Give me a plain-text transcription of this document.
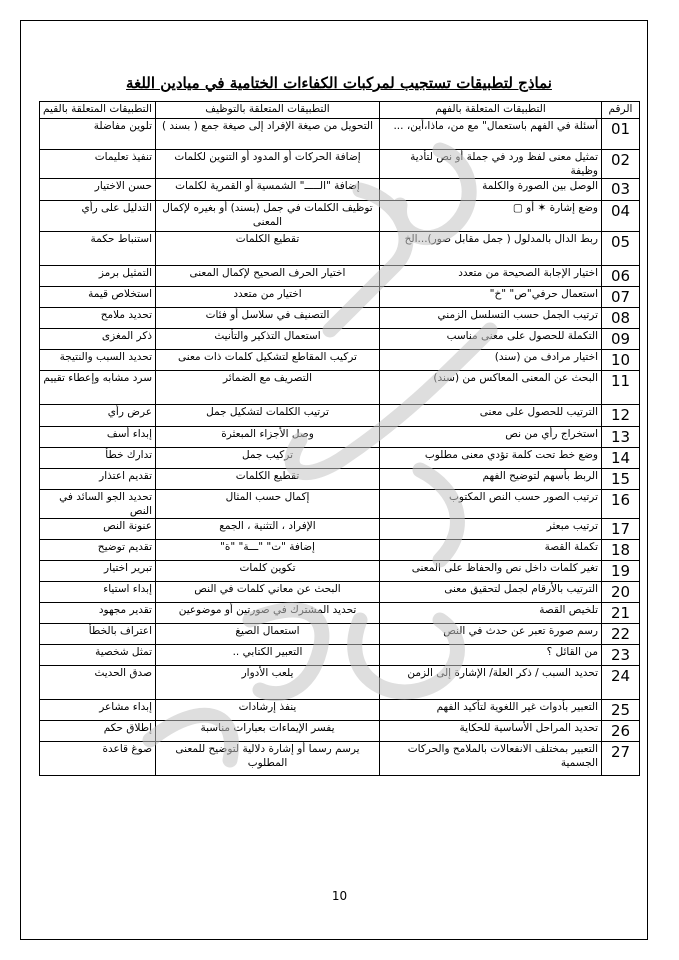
نماذج لتطبيقات تستجيب لمركبات الكفاءات الختامية في ميادين اللغة
الرقم	التطبيقات المتعلقة بالفهم	التطبيقات المتعلقة بالتوظيف	التطبيقات المتعلقة بالقيم
01	أسئلة في الفهم باستعمال" مع من، ماذا،أين، ...	التحويل من صيغة الإفراد إلى صيغة جمع ( بسند )	تلوين مفاضلة
02	تمثيل معنى لفظ ورد في جملة أو نص لتأدية وظيفة	إضافة الحركات أو المدود أو التنوين لكلمات	تنفيذ تعليمات
03	الوصل بين الصورة والكلمة	إضافة "الـــــ" الشمسية أو القمرية لكلمات	حسن الاختيار
04	وضع إشارة ✶ أو ▢	توظيف الكلمات في جمل (بسند) أو بغيره لإكمال المعنى	التدليل على رأي
05	ربط الدال بالمدلول ( جمل مقابل صور)...الخ	تقطيع الكلمات	استنباط حكمة
06	اختيار الإجابة الصحيحة من متعدد	اختيار الحرف الصحيح لإكمال المعنى	التمثيل برمز
07	استعمال حرفي"ص" "خ"	اختيار من متعدد	استخلاص قيمة
08	ترتيب الجمل حسب التسلسل الزمني	التصنيف في سلاسل أو فئات	تحديد ملامح
09	التكملة للحصول على معنى مناسب	استعمال التذكير والتأنيث	ذكر المغزى
10	اختيار مرادف من (سند)	تركيب المقاطع لتشكيل كلمات ذات معنى	تحديد السبب والنتيجة
11	البحث عن المعنى المعاكس من (سند)	التصريف مع الضمائر	سرد مشابه وإعطاء تقييم
12	الترتيب للحصول على معنى	ترتيب الكلمات لتشكيل جمل	عرض رأي
13	استخراج رأي من نص	وصل الأجزاء المبعثرة	إبداء أسف
14	وضع خط تحت كلمة تؤدي معنى مطلوب	تركيب جمل	تدارك خطأ
15	الربط بأسهم لتوضيح الفهم	تقطيع الكلمات	تقديم اعتذار
16	ترتيب الصور حسب النص المكتوب	إكمال حسب المثال	تحديد الجو السائد في النص
17	ترتيب مبعثر	الإفراد ، التثنية ، الجمع	عنونة النص
18	تكملة القصة	إضافة "ت" "ـــة" "ة"	تقديم توضيح
19	تغير كلمات داخل نص والحفاظ على المعنى	تكوين كلمات	تبرير اختيار
20	الترتيب بالأرقام لجمل لتحقيق معنى	البحث عن معاني كلمات في النص	إبداء استياء
21	تلخيص القصة	تحديد المشترك في صورتين أو موضوعين	تقدير مجهود
22	رسم صورة تعبر عن حدث في النص	استعمال الصيغ	اعتراف بالخطأ
23	من القائل ؟	التعبير الكتابي ..	تمثل شخصية
24	تحديد السبب / ذكر العلة/ الإشارة إلى الزمن	يلعب الأدوار	صدق الحديث
25	التعبير بأدوات غير اللغوية لتأكيد الفهم	ينفذ إرشادات	إبداء مشاعر
26	تحديد المراحل الأساسية للحكاية	يفسر الإيماءات بعبارات مناسبة	إطلاق حكم
27	التعبير بمختلف الانفعالات بالملامح والحركات الجسمية	يرسم رسما أو إشارة دلالية لتوضيح للمعنى المطلوب	صوغ قاعدة
10
